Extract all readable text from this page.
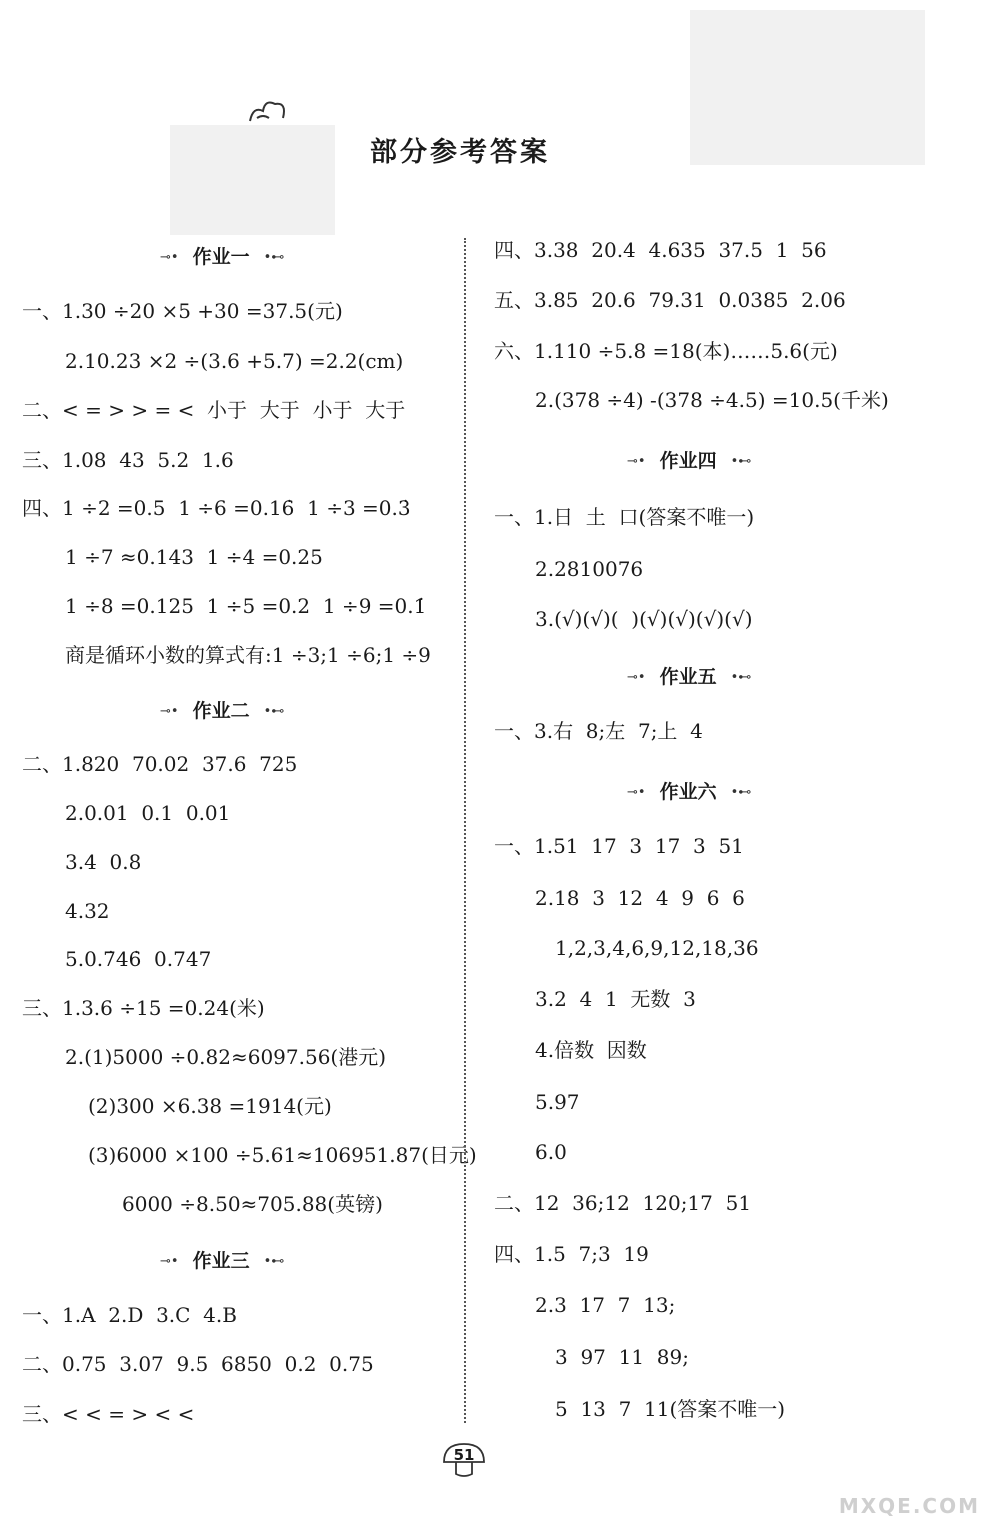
部分参考答案
⊸• 作业一 •⊷
一、1.30 ÷20 ×5 +30 =37.5(元)
2.10.23 ×2 ÷(3.6 +5.7) =2.2(cm)
二、< = > > = <  小于  大于  小于  大于
三、1.08  43  5.2  1.6
四、1 ÷2 =0.5  1 ÷6 =0.16̇  1 ÷3 =0.3̇
1 ÷7 ≈0.143  1 ÷4 =0.25
1 ÷8 =0.125  1 ÷5 =0.2  1 ÷9 =0.1̇
商是循环小数的算式有:1 ÷3;1 ÷6;1 ÷9
⊸• 作业二 •⊷
二、1.820  70.02  37.6  725
2.0.01  0.1  0.01
3.4  0.8
4.32
5.0.7̇46̇  0.747
三、1.3.6 ÷15 =0.24(米)
2.(1)5000 ÷0.82≈6097.56(港元)
(2)300 ×6.38 =1914(元)
(3)6000 ×100 ÷5.61≈106951.87(日元)
6000 ÷8.50≈705.88(英镑)
⊸• 作业三 •⊷
一、1.A  2.D  3.C  4.B
二、0.75  3.07  9.5  6850  0.2  0.75
三、< < = > < <
四、3.38  20.4  4.635  37.5  1  56
五、3.85  20.6  79.31  0.0385  2.06
六、1.110 ÷5.8 =18(本)……5.6(元)
2.(378 ÷4) -(378 ÷4.5) =10.5(千米)
⊸• 作业四 •⊷
一、1.日  土  口(答案不唯一)
2.2810076
3.(√)(√)(  )(√)(√)(√)(√)
⊸• 作业五 •⊷
一、3.右  8;左  7;上  4
⊸• 作业六 •⊷
一、1.51  17  3  17  3  51
2.18  3  12  4  9  6  6
1,2,3,4,6,9,12,18,36
3.2  4  1  无数  3
4.倍数  因数
5.97
6.0
二、12  36;12  120;17  51
四、1.5  7;3  19
2.3  17  7  13;
3  97  11  89;
5  13  7  11(答案不唯一)
51
MXQE.COM
